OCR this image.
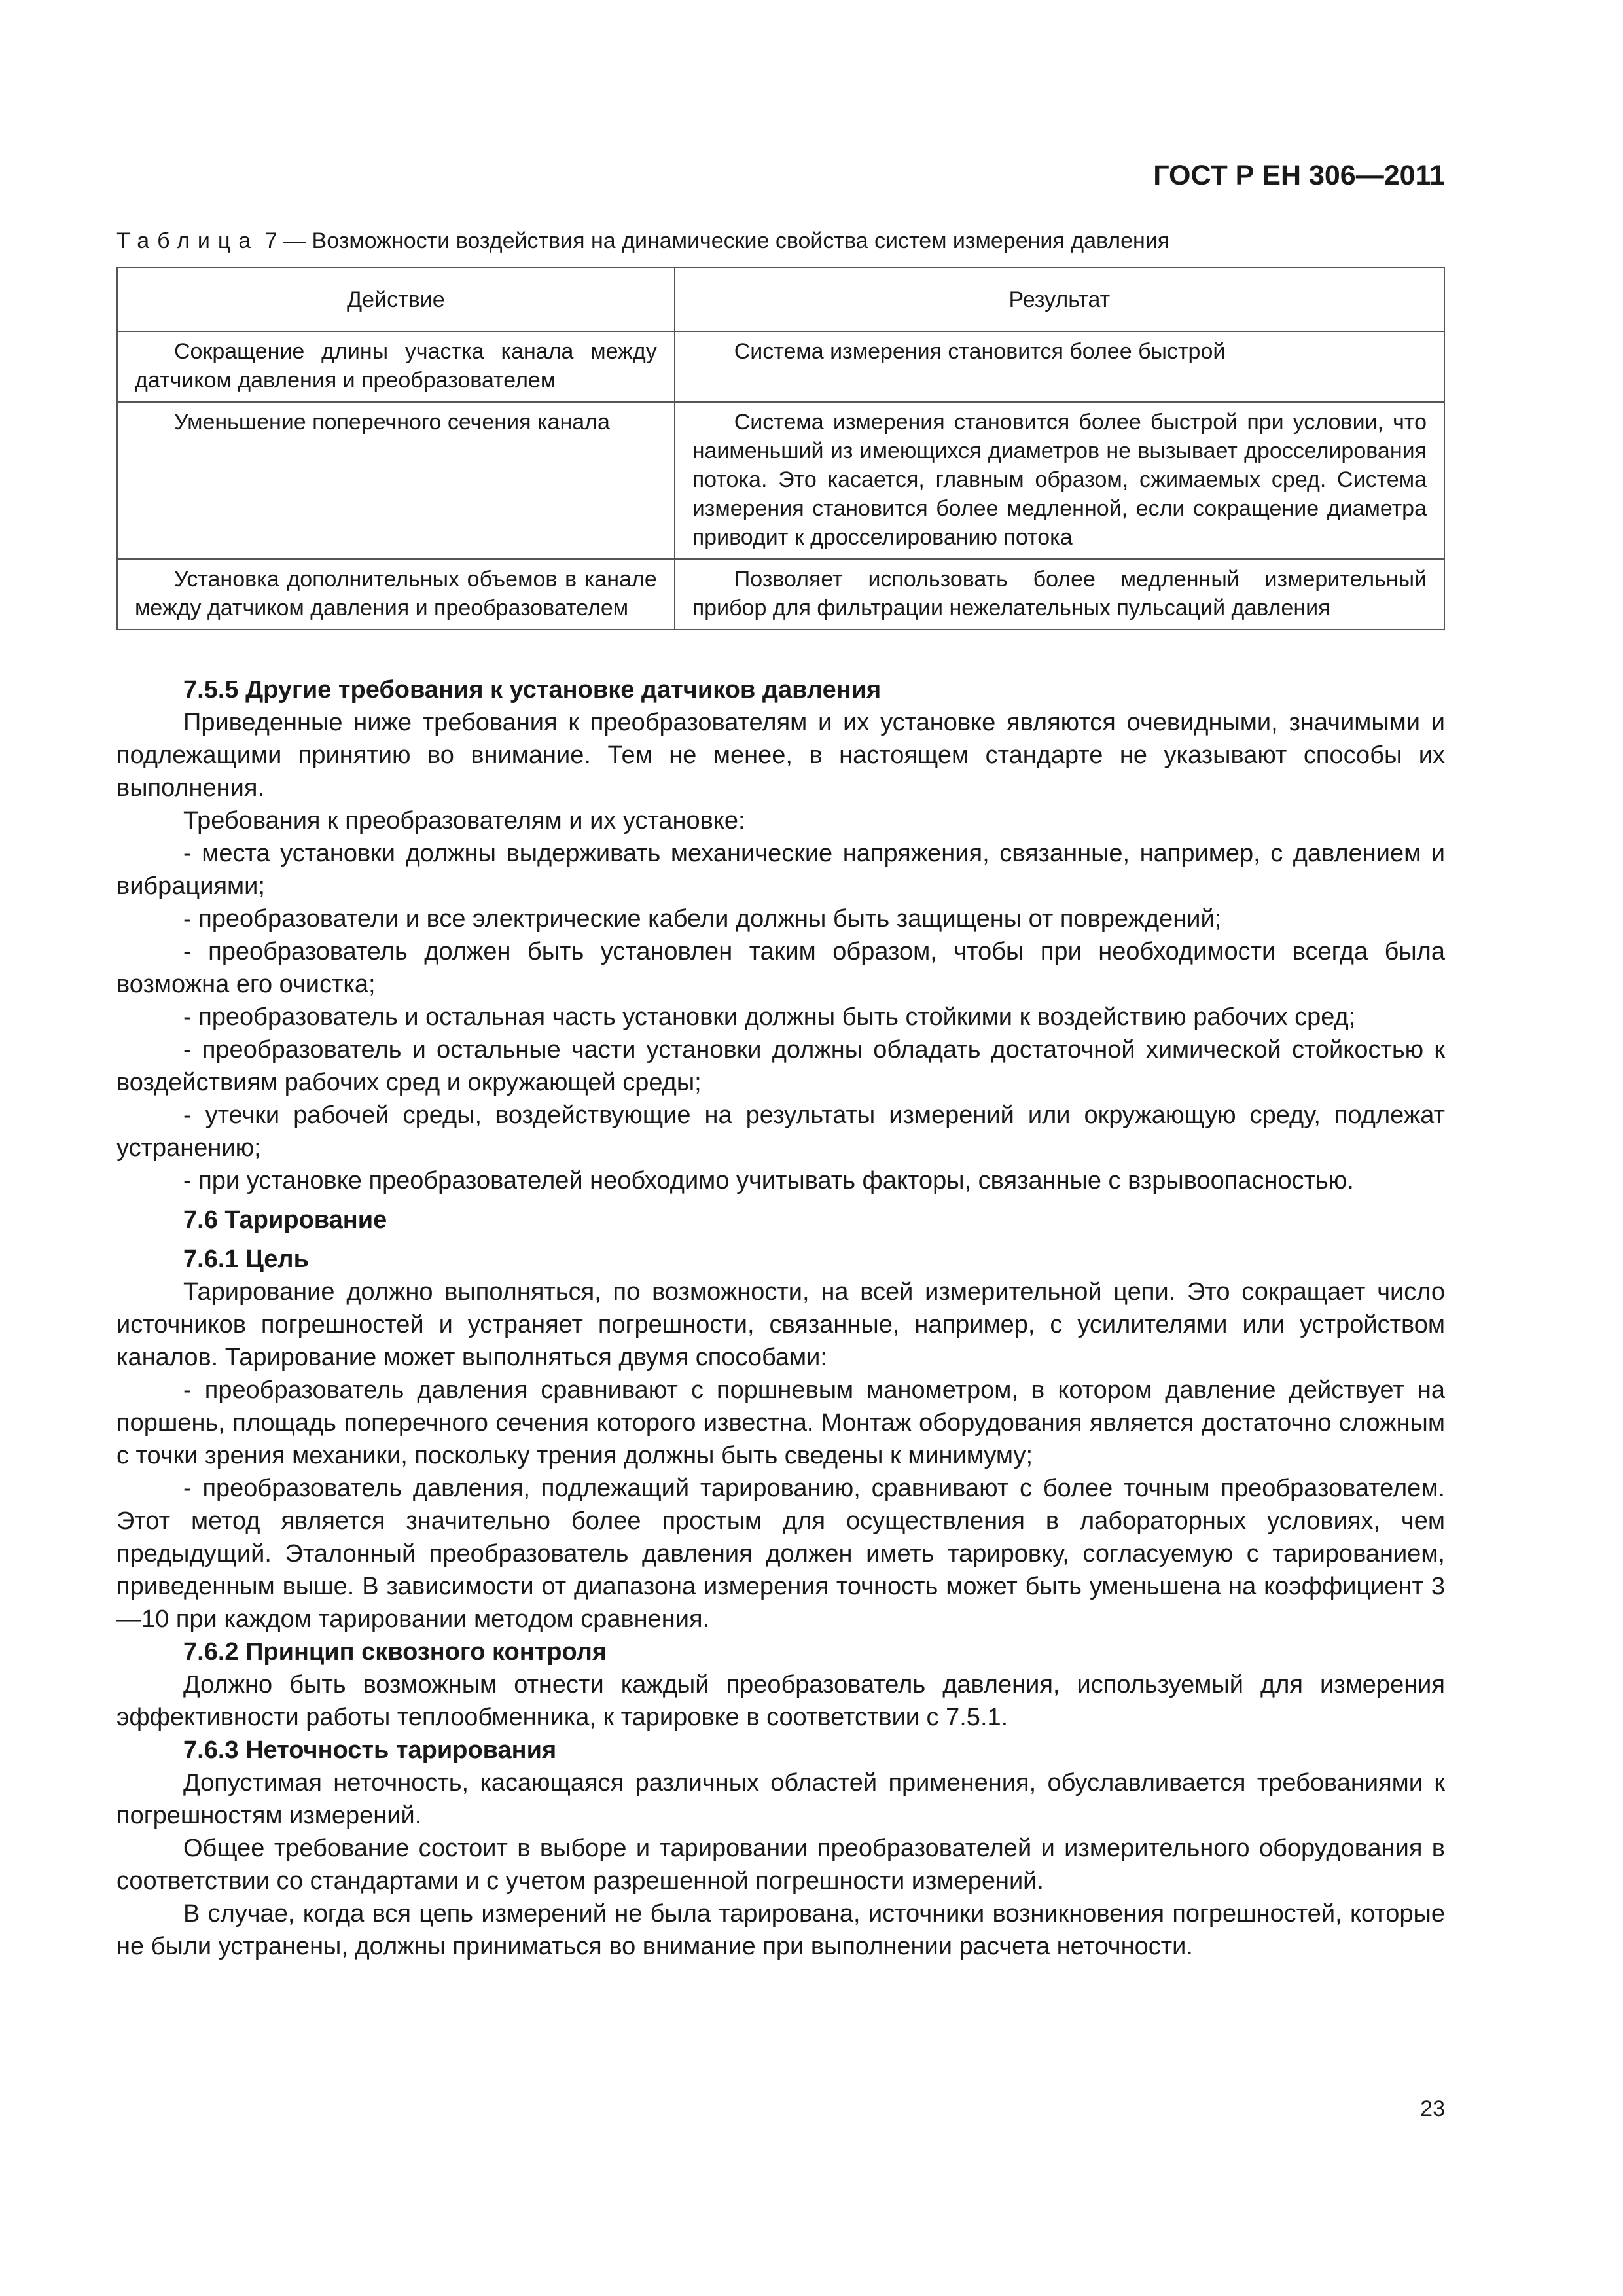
ГОСТ Р ЕН 306—2011
Таблица 7 — Возможности воздействия на динамические свойства систем измерения давления
Действие	Результат
Сокращение длины участка канала между датчиком давления и преобразователем	Система измерения становится более быстрой
Уменьшение поперечного сечения канала	Система измерения становится более быстрой при условии, что наименьший из имеющихся диаметров не вызывает дросселирования потока. Это касается, главным образом, сжимаемых сред. Система измерения становится более медленной, если сокращение диаметра приводит к дросселированию потока
Установка дополнительных объемов в канале между датчиком давления и преобразователем	Позволяет использовать более медленный измерительный прибор для фильтрации нежелательных пульсаций давления
7.5.5 Другие требования к установке датчиков давления

Приведенные ниже требования к преобразователям и их установке являются очевидными, значимыми и подлежащими принятию во внимание. Тем не менее, в настоящем стандарте не указывают способы их выполнения.

Требования к преобразователям и их установке:

- места установки должны выдерживать механические напряжения, связанные, например, с давлением и вибрациями;

- преобразователи и все электрические кабели должны быть защищены от повреждений;

- преобразователь должен быть установлен таким образом, чтобы при необходимости всегда была возможна его очистка;

- преобразователь и остальная часть установки должны быть стойкими к воздействию рабочих сред;

- преобразователь и остальные части установки должны обладать достаточной химической стойкостью к воздействиям рабочих сред и окружающей среды;

- утечки рабочей среды, воздействующие на результаты измерений или окружающую среду, подлежат устранению;

- при установке преобразователей необходимо учитывать факторы, связанные с взрывоопасностью.

7.6 Тарирование
7.6.1 Цель

Тарирование должно выполняться, по возможности, на всей измерительной цепи. Это сокращает число источников погрешностей и устраняет погрешности, связанные, например, с усилителями или устройством каналов. Тарирование может выполняться двумя способами:

- преобразователь давления сравнивают с поршневым манометром, в котором давление действует на поршень, площадь поперечного сечения которого известна. Монтаж оборудования является достаточно сложным с точки зрения механики, поскольку трения должны быть сведены к минимуму;

- преобразователь давления, подлежащий тарированию, сравнивают с более точным преобразователем. Этот метод является значительно более простым для осуществления в лабораторных условиях, чем предыдущий. Эталонный преобразователь давления должен иметь тарировку, согласуемую с тарированием, приведенным выше. В зависимости от диапазона измерения точность может быть уменьшена на коэффициент 3—10 при каждом тарировании методом сравнения.

7.6.2 Принцип сквозного контроля

Должно быть возможным отнести каждый преобразователь давления, используемый для измерения эффективности работы теплообменника, к тарировке в соответствии с 7.5.1.

7.6.3 Неточность тарирования

Допустимая неточность, касающаяся различных областей применения, обуславливается требованиями к погрешностям измерений.

Общее требование состоит в выборе и тарировании преобразователей и измерительного оборудования в соответствии со стандартами и с учетом разрешенной погрешности измерений.

В случае, когда вся цепь измерений не была тарирована, источники возникновения погрешностей, которые не были устранены, должны приниматься во внимание при выполнении расчета неточности.

23
